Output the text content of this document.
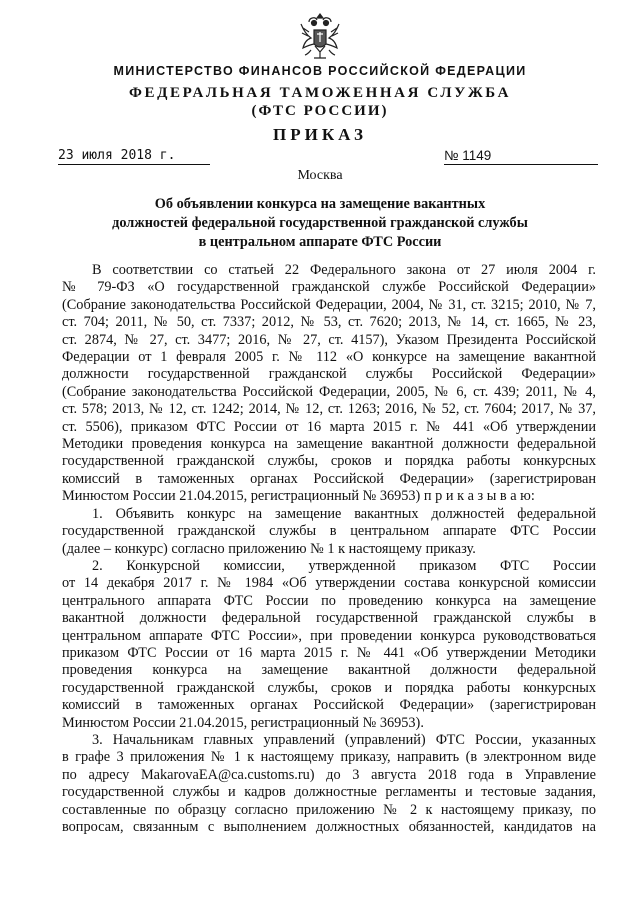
МИНИСТЕРСТВО ФИНАНСОВ РОССИЙСКОЙ ФЕДЕРАЦИИ
ФЕДЕРАЛЬНАЯ ТАМОЖЕННАЯ СЛУЖБА
(ФТС РОССИИ)
ПРИКАЗ
23 июля 2018 г.	№ 1149
Москва
Об объявлении конкурса на замещение вакантных
должностей федеральной государственной гражданской службы
в центральном аппарате ФТС России
В соответствии со статьей 22 Федерального закона от 27 июля 2004 г.
№ 79-ФЗ «О государственной гражданской службе Российской Федерации»
(Собрание законодательства Российской Федерации, 2004, № 31, ст. 3215; 2010, № 7,
ст. 704; 2011, № 50, ст. 7337; 2012, № 53, ст. 7620; 2013, № 14, ст. 1665, № 23,
ст. 2874, № 27, ст. 3477; 2016, № 27, ст. 4157), Указом Президента Российской
Федерации от 1 февраля 2005 г. № 112 «О конкурсе на замещение вакантной
должности государственной гражданской службы Российской Федерации»
(Собрание законодательства Российской Федерации, 2005, № 6, ст. 439; 2011, № 4,
ст. 578; 2013, № 12, ст. 1242; 2014, № 12, ст. 1263; 2016, № 52, ст. 7604; 2017, № 37,
ст. 5506), приказом ФТС России от 16 марта 2015 г. № 441 «Об утверждении
Методики проведения конкурса на замещение вакантной должности федеральной
государственной гражданской службы, сроков и порядка работы конкурсных
комиссий в таможенных органах Российской Федерации» (зарегистрирован
Минюстом России 21.04.2015, регистрационный № 36953) п р и к а з ы в а ю:
1. Объявить конкурс на замещение вакантных должностей федеральной
государственной гражданской службы в центральном аппарате ФТС России
(далее – конкурс) согласно приложению № 1 к настоящему приказу.
2. Конкурсной комиссии, утвержденной приказом ФТС России
от 14 декабря 2017 г. № 1984 «Об утверждении состава конкурсной комиссии
центрального аппарата ФТС России по проведению конкурса на замещение
вакантной должности федеральной государственной гражданской службы в
центральном аппарате ФТС России», при проведении конкурса руководствоваться
приказом ФТС России от 16 марта 2015 г. № 441 «Об утверждении Методики
проведения конкурса на замещение вакантной должности федеральной
государственной гражданской службы, сроков и порядка работы конкурсных
комиссий в таможенных органах Российской Федерации» (зарегистрирован
Минюстом России 21.04.2015, регистрационный № 36953).
3. Начальникам главных управлений (управлений) ФТС России, указанных
в графе 3 приложения № 1 к настоящему приказу, направить (в электронном виде
по адресу MakarovaEA@ca.customs.ru) до 3 августа 2018 года в Управление
государственной службы и кадров должностные регламенты и тестовые задания,
составленные по образцу согласно приложению № 2 к настоящему приказу, по
вопросам, связанным с выполнением должностных обязанностей, кандидатов на
